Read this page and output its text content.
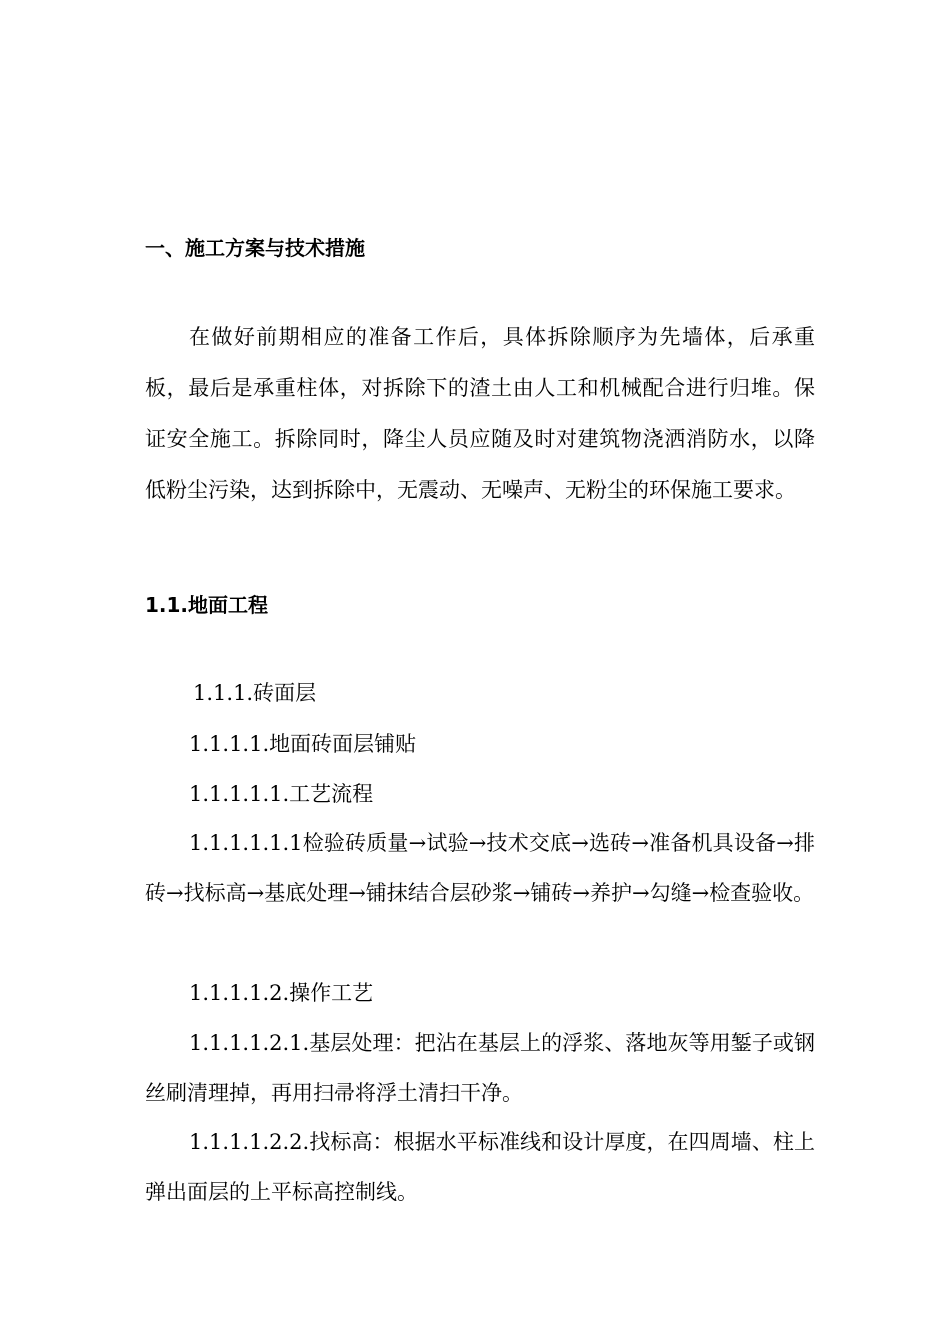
一、施工方案与技术措施

在做好前期相应的准备工作后，具体拆除顺序为先墙体，后承重板，最后是承重柱体，对拆除下的渣土由人工和机械配合进行归堆。保证安全施工。拆除同时，降尘人员应随及时对建筑物浇洒消防水，以降低粉尘污染，达到拆除中，无震动、无噪声、无粉尘的环保施工要求。

1.1.地面工程

1.1.1.砖面层

1.1.1.1.地面砖面层铺贴

1.1.1.1.1.工艺流程

1.1.1.1.1.1检验砖质量→试验→技术交底→选砖→准备机具设备→排砖→找标高→基底处理→铺抹结合层砂浆→铺砖→养护→勾缝→检查验收。

1.1.1.1.2.操作工艺

1.1.1.1.2.1.基层处理：把沾在基层上的浮浆、落地灰等用錾子或钢丝刷清理掉，再用扫帚将浮土清扫干净。

1.1.1.1.2.2.找标高：根据水平标准线和设计厚度，在四周墙、柱上弹出面层的上平标高控制线。
